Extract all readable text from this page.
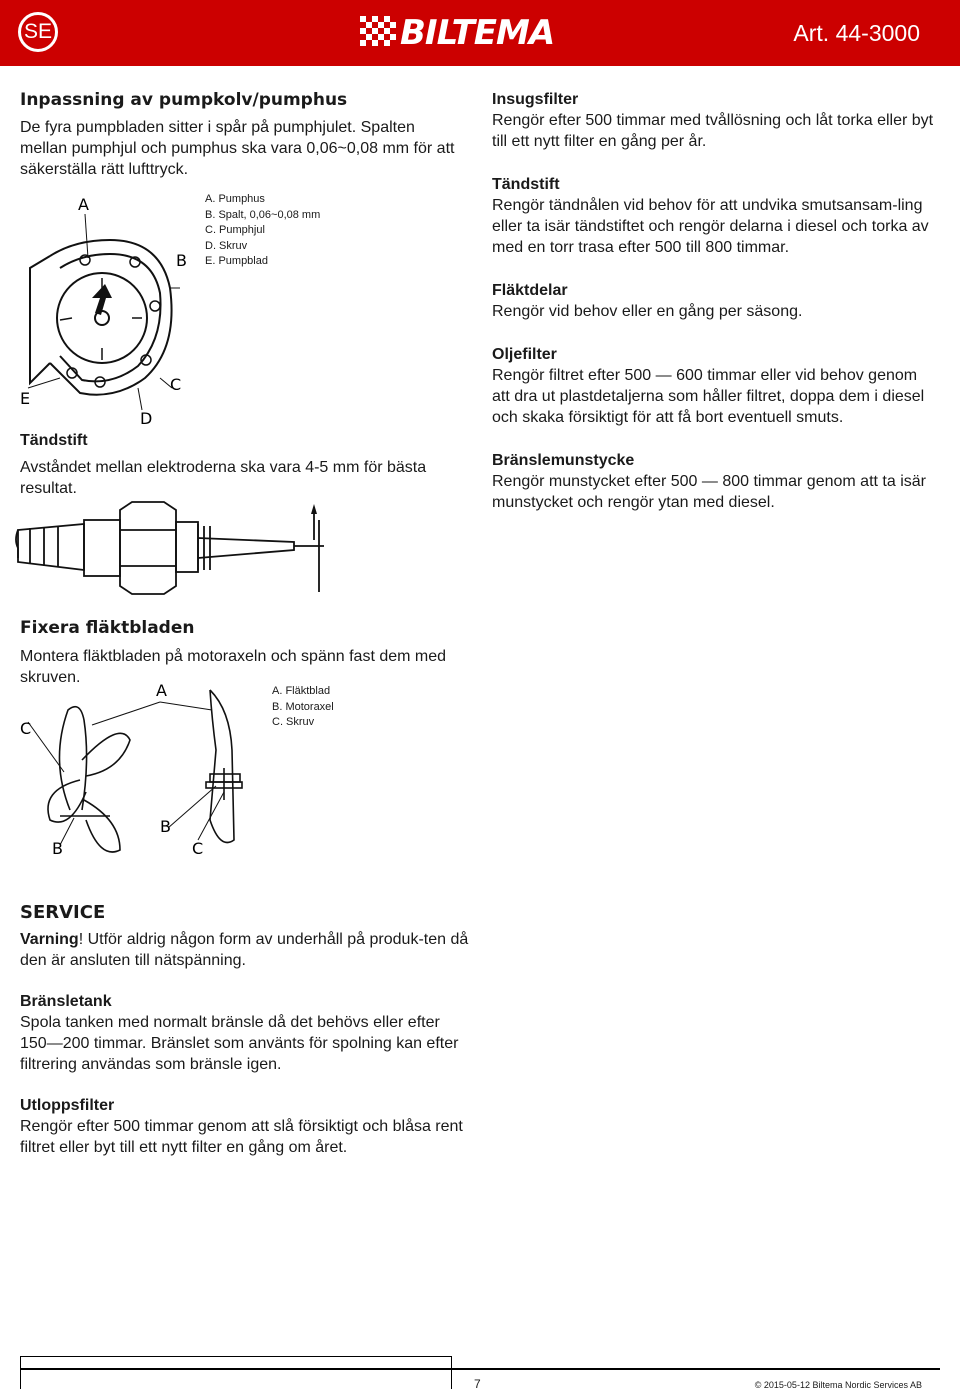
SE	BILTEMA	Art. 44-3000
Inpassning av pumpkolv/pumphus

De fyra pumpbladen sitter i spår på pumphjulet. Spalten mellan pumphjul och pumphus ska vara 0,06~0,08 mm för att säkerställa rätt lufttryck.

A
B
C
D
E

A. Pumphus

B. Spalt, 0,06~0,08 mm

C. Pumphjul

D. Skruv

E. Pumpblad

Tändstift

Avståndet mellan elektroderna ska vara 4-5 mm för bästa resultat.

Insugsfilter

Rengör efter 500 timmar med tvållösning och låt torka eller byt till ett nytt filter en gång per år.

Tändstift

Rengör tändnålen vid behov för att undvika smutsansam-ling eller ta isär tändstiftet och rengör delarna i diesel och torka av med en torr trasa efter 500 till 800 timmar.

Fläktdelar

Rengör vid behov eller en gång per säsong.

Oljefilter

Rengör filtret efter 500 — 600 timmar eller vid behov genom att dra ut plastdetaljerna som håller filtret, doppa dem i diesel och skaka försiktigt för att få bort eventuell smuts.

Bränslemunstycke

Rengör munstycket efter 500 — 800 timmar genom att ta isär munstycket och rengör ytan med diesel.

Fixera fläktbladen

Montera fläktbladen på motoraxeln och spänn fast dem med skruven.

A
C
B
B	C

A. Fläktblad

B. Motoraxel

C. Skruv

SERVICE

Varning! Utför aldrig någon form av underhåll på produk-ten då den är ansluten till nätspänning.

Bränsletank

Spola tanken med normalt bränsle då det behövs eller efter 150—200 timmar. Bränslet som använts för spolning kan efter filtrering användas som bränsle igen.

Utloppsfilter

Rengör efter 500 timmar genom att slå försiktigt och blåsa rent filtret eller byt till ett nytt filter en gång om året.

7	© 2015-05-12 Biltema Nordic Services AB
